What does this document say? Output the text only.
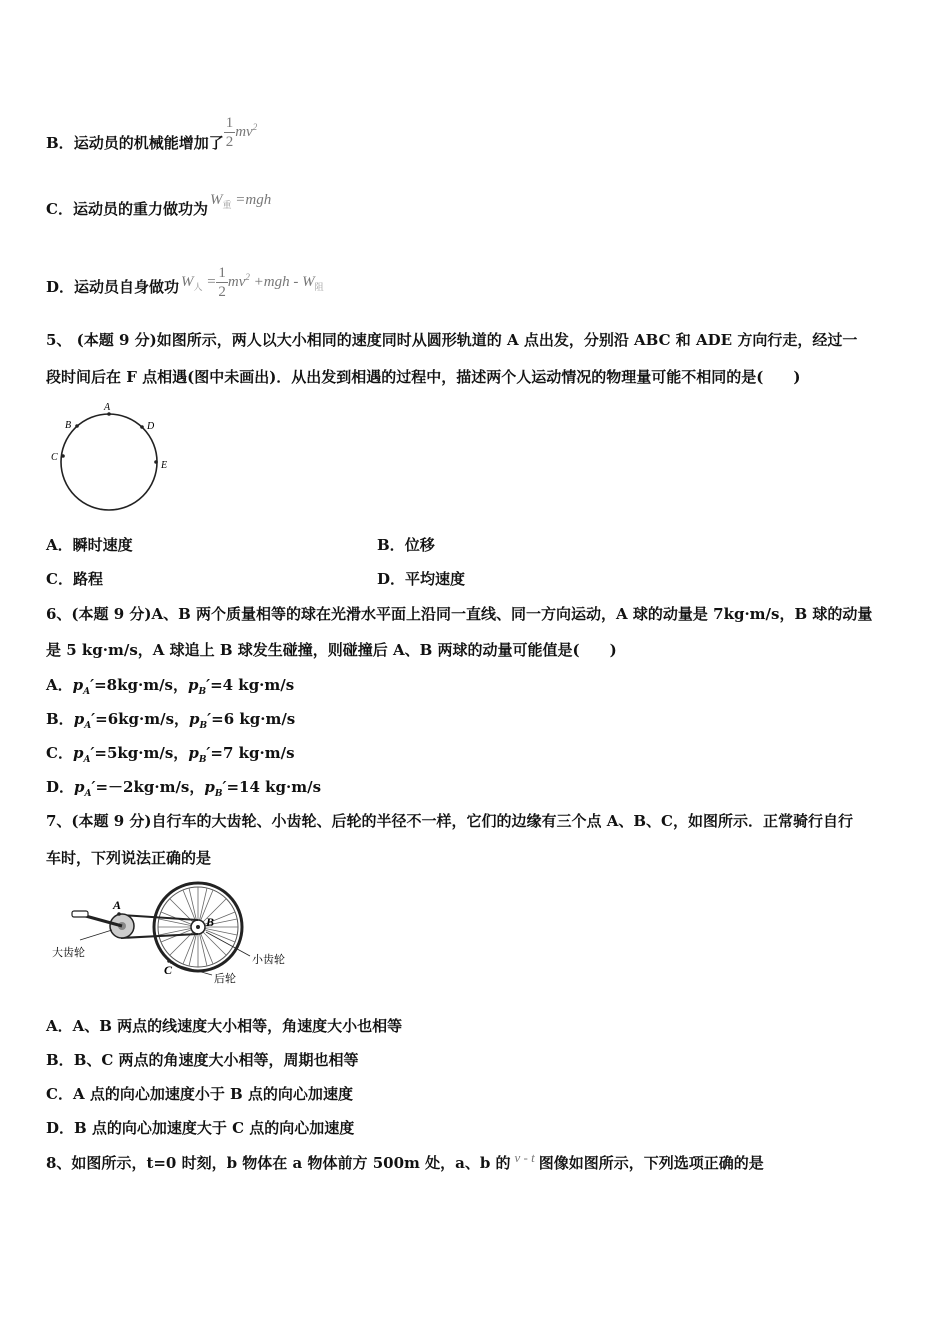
B．运动员的机械能增加了 $\frac{1}{2} mv^2$
C．运动员的重力做功为 $W_重 =mgh$
D．运动员自身做功 $W_人 = \frac{1}{2} mv^2 +mgh - W_阻$
5、 (本题 9 分)如图所示，两人以大小相同的速度同时从圆形轨道的 A 点出发，分别沿 ABC 和 ADE 方向行走，经过一
段时间后在 F 点相遇(图中未画出)．从出发到相遇的过程中，描述两个人运动情况的物理量可能不相同的是(　　)
A
B
C
D
E
A．瞬时速度	B．位移
C．路程	D．平均速度
6、(本题 9 分)A、B 两个质量相等的球在光滑水平面上沿同一直线、同一方向运动，A 球的动量是 7kg·m/s，B 球的动量
是 5 kg·m/s，A 球追上 B 球发生碰撞，则碰撞后 A、B 两球的动量可能值是(　　)
A．$p_A'=8kg\cdot m/s$，$p_B'=4$ kg·m/s
B．$p_A'=6kg\cdot m/s$，$p_B'=6$ kg·m/s
C．$p_A'=5kg\cdot m/s$，$p_B'=7$ kg·m/s
D．$p_A'=-2kg\cdot m/s$，$p_B'=14$ kg·m/s
7、(本题 9 分)自行车的大齿轮、小齿轮、后轮的半径不一样，它们的边缘有三个点 A、B、C，如图所示．正常骑行自行
车时，下列说法正确的是
A
B
C
大齿轮
小齿轮
后轮
A．A、B 两点的线速度大小相等，角速度大小也相等
B．B、C 两点的角速度大小相等，周期也相等
C．A 点的向心加速度小于 B 点的向心加速度
D．B 点的向心加速度大于 C 点的向心加速度
8、如图所示，t=0 时刻，b 物体在 a 物体前方 500m 处，a、b 的 v - t 图像如图所示，下列选项正确的是
